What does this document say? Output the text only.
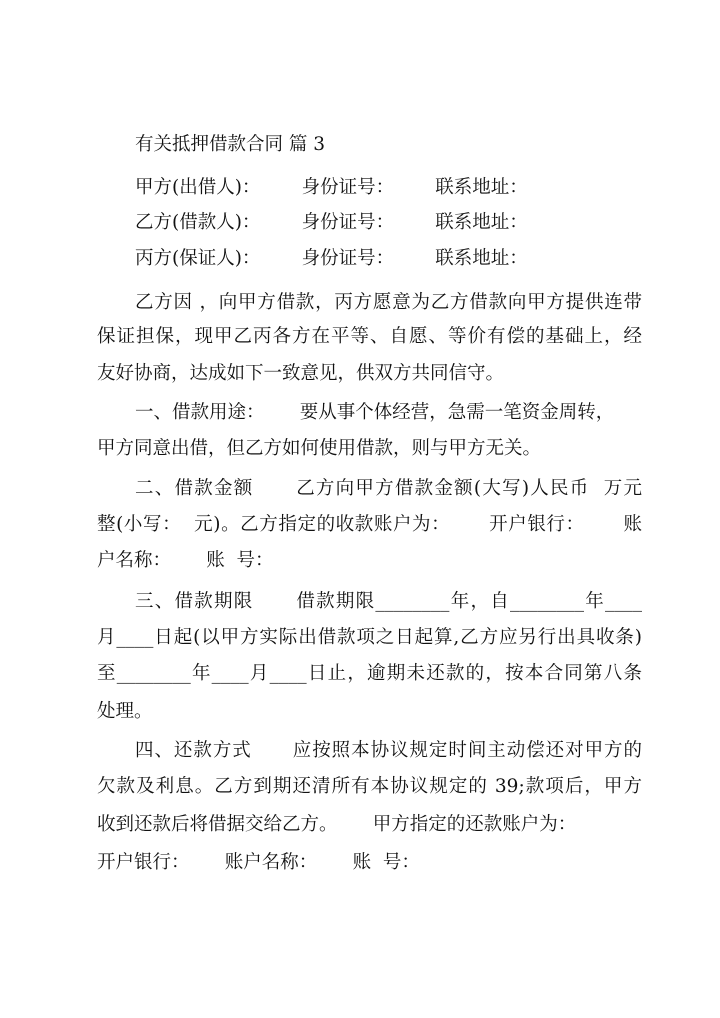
有关抵押借款合同 篇 3
甲方(出借人)：       身份证号：       联系地址：
乙方(借款人)：       身份证号：       联系地址：
丙方(保证人)：       身份证号：       联系地址：
乙方因 ，向甲方借款，丙方愿意为乙方借款向甲方提供连带
保证担保，现甲乙丙各方在平等、自愿、等价有偿的基础上，经
友好协商，达成如下一致意见，供双方共同信守。
一、借款用途：      要从事个体经营，急需一笔资金周转，
甲方同意出借，但乙方如何使用借款，则与甲方无关。
二、借款金额      乙方向甲方借款金额(大写)人民币  万元
整(小写：  元)。乙方指定的收款账户为：      开户银行：      账
户名称：      账  号：
三、借款期限      借款期限________年，自________年____
月____日起(以甲方实际出借款项之日起算,乙方应另行出具收条)
至________年____月____日止，逾期未还款的，按本合同第八条
处理。
四、还款方式      应按照本协议规定时间主动偿还对甲方的
欠款及利息。乙方到期还清所有本协议规定的 39;款项后，甲方
收到还款后将借据交给乙方。      甲方指定的还款账户为：
开户银行：      账户名称：      账  号：
